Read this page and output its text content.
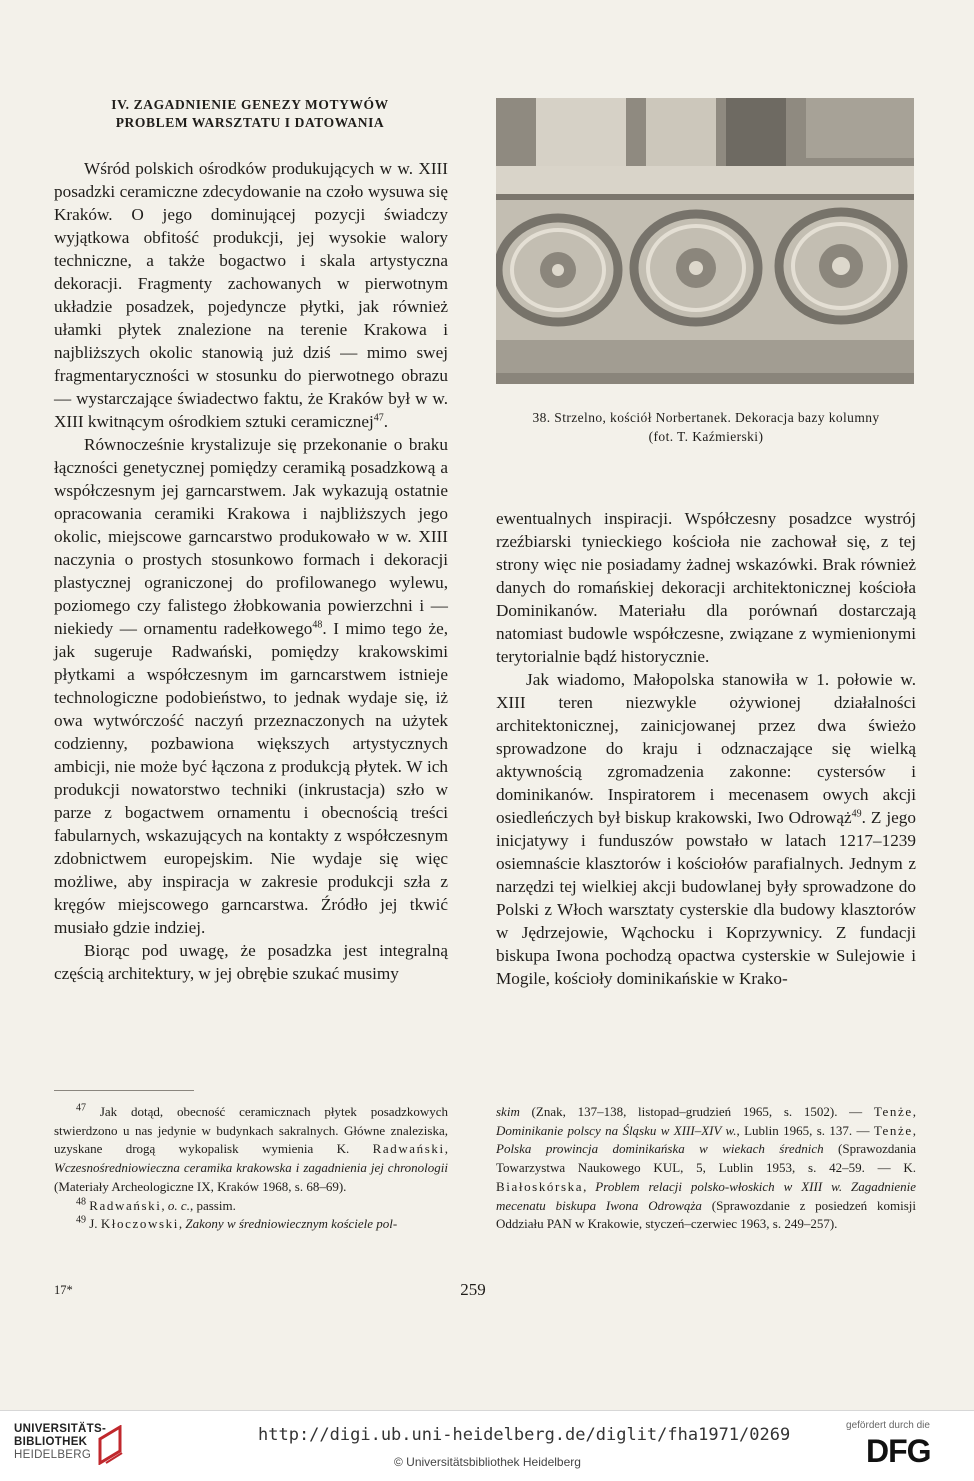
IV. ZAGADNIENIE GENEZY MOTYWÓW
PROBLEM WARSZTATU I DATOWANIA

Wśród polskich ośrodków produkujących w w. XIII posadzki ceramiczne zdecydowanie na czoło wysuwa się Kraków. O jego dominującej pozycji świadczy wyjątkowa obfitość produkcji, jej wysokie walory techniczne, a także bogactwo i skala artystyczna dekoracji. Fragmenty zachowanych w pierwotnym układzie posadzek, pojedyncze płytki, jak również ułamki płytek znalezione na terenie Krakowa i najbliższych okolic stanowią już dziś — mimo swej fragmentaryczności w stosunku do pierwotnego obrazu — wystarczające świadectwo faktu, że Kraków był w w. XIII kwitnącym ośrodkiem sztuki ceramicznej$^{47}$.

Równocześnie krystalizuje się przekonanie o braku łączności genetycznej pomiędzy ceramiką posadzkową a współczesnym jej garncarstwem. Jak wykazują ostatnie opracowania ceramiki Krakowa i najbliższych jego okolic, miejscowe garncarstwo produkowało w w. XIII naczynia o prostych stosunkowo formach i dekoracji plastycznej ograniczonej do profilowanego wylewu, poziomego czy falistego żłobkowania powierzchni i — niekiedy — ornamentu radełkowego$^{48}$. I mimo tego że, jak sugeruje Radwański, pomiędzy krakowskimi płytkami a współczesnym im garncarstwem istnieje technologiczne podobieństwo, to jednak wydaje się, iż owa wytwórczość naczyń przeznaczonych na użytek codzienny, pozbawiona większych artystycznych ambicji, nie może być łączona z produkcją płytek. W ich produkcji nowatorstwo techniki (inkrustacja) szło w parze z bogactwem ornamentu i obecnością treści fabularnych, wskazujących na kontakty z współczesnym zdobnictwem europejskim. Nie wydaje się więc możliwe, aby inspiracja w zakresie produkcji szła z kręgów miejscowego garncarstwa. Źródło jej tkwić musiało gdzie indziej.

Biorąc pod uwagę, że posadzka jest integralną częścią architektury, w jej obrębie szukać musimy

38. Strzelno, kościół Norbertanek. Dekoracja bazy kolumny
(fot. T. Kaźmierski)

ewentualnych inspiracji. Współczesny posadzce wystrój rzeźbiarski tynieckiego kościoła nie zachował się, z tej strony więc nie posiadamy żadnej wskazówki. Brak również danych do romańskiej dekoracji architektonicznej kościoła Dominikanów. Materiału dla porównań dostarczają natomiast budowle współczesne, związane z wymienionymi terytorialnie bądź historycznie.

Jak wiadomo, Małopolska stanowiła w 1. połowie w. XIII teren niezwykle ożywionej działalności architektonicznej, zainicjowanej przez dwa świeżo sprowadzone do kraju i odznaczające się wielką aktywnością zgromadzenia zakonne: cystersów i dominikanów. Inspiratorem i mecenasem owych akcji osiedleńczych był biskup krakowski, Iwo Odrowąż$^{49}$. Z jego inicjatywy i funduszów powstało w latach 1217–1239 osiemnaście klasztorów i kościołów parafialnych. Jednym z narzędzi tej wielkiej akcji budowlanej były sprowadzone do Polski z Włoch warsztaty cysterskie dla budowy klasztorów w Jędrzejowie, Wąchocku i Koprzywnicy. Z fundacji biskupa Iwona pochodzą opactwa cysterskie w Sulejowie i Mogile, kościoły dominikańskie w Krako-

$^{47}$ Jak dotąd, obecność ceramicznach płytek posadzkowych stwierdzono u nas jedynie w budynkach sakralnych. Główne znaleziska, uzyskane drogą wykopalisk wymienia K. Radwański, Wczesnośredniowieczna ceramika krakowska i zagadnienia jej chronologii (Materiały Archeologiczne IX, Kraków 1968, s. 68–69).

$^{48}$ Radwański, o. c., passim.

$^{49}$ J. Kłoczowski, Zakony w średniowiecznym kościele pol-

skim (Znak, 137–138, listopad–grudzień 1965, s. 1502). — Tenże, Dominikanie polscy na Śląsku w XIII–XIV w., Lublin 1965, s. 137. — Tenże, Polska prowincja dominikańska w wiekach średnich (Sprawozdania Towarzystwa Naukowego KUL, 5, Lublin 1953, s. 42–59. — K. Białoskórska, Problem relacji polsko-włoskich w XIII w. Zagadnienie mecenatu biskupa Iwona Odrowąża (Sprawozdanie z posiedzeń komisji Oddziału PAN w Krakowie, styczeń–czerwiec 1963, s. 249–257).

17*	259
UNIVERSITÄTS-
BIBLIOTHEK
HEIDELBERG
http://digi.ub.uni-heidelberg.de/diglit/fha1971/0269
© Universitätsbibliothek Heidelberg
gefördert durch die
DFG
